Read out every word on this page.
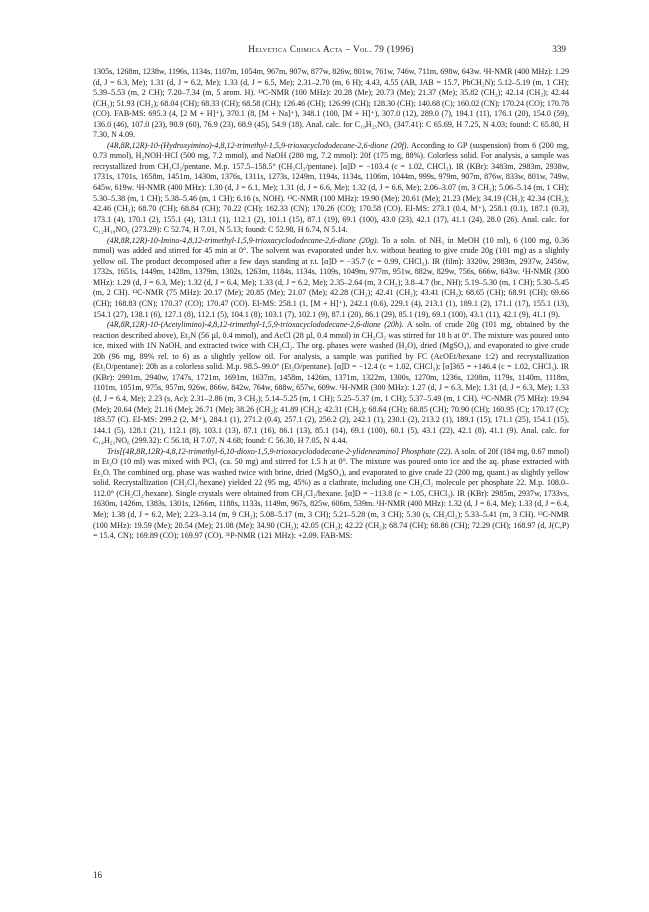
Helvetica Chimica Acta – Vol. 79 (1996)	339

1305s, 1268m, 1238w, 1196s, 1134s, 1107m, 1054m, 967m, 907w, 877w, 826w, 801w, 761w, 746w, 711m, 698w, 643w. ¹H-NMR (400 MHz): 1.29 (d, J = 6.3, Me); 1.31 (d, J = 6.2, Me); 1.33 (d, J = 6.5, Me); 2.31–2.70 (m, 6 H); 4.43, 4.55 (AB, JAB = 15.7, PhCH₂N); 5.12–5.19 (m, 1 CH); 5.39–5.53 (m, 2 CH); 7.20–7.34 (m, 5 arom. H). ¹³C-NMR (100 MHz): 20.28 (Me); 20.73 (Me); 21.37 (Me); 35.82 (CH₂); 42.14 (CH₂); 42.44 (CH₂); 51.93 (CH₂); 68.04 (CH); 68.33 (CH); 68.58 (CH); 126.46 (CH); 126.99 (CH); 128.30 (CH); 140.68 (C); 160.02 (CN); 170.24 (CO); 170.78 (CO). FAB-MS: 695.3 (4, [2 M + H]⁺), 370.1 (8, [M + Na]⁺), 348.1 (100, [M + H]⁺), 307.0 (12), 289.0 (7), 194.1 (11), 176.1 (20), 154.0 (59), 136.0 (46), 107.0 (23), 90.9 (60), 76.9 (23), 68.9 (45), 54.9 (18). Anal. calc. for C₁₉H₂₅NO₅ (347.41): C 65.69, H 7.25, N 4.03; found: C 65.80, H 7.30, N 4.09.

(4R,8R,12R)-10-(Hydroxyimino)-4,8,12-trimethyl-1,5,9-trioxacyclododecane-2,6-dione (20f). According to GP (suspension) from 6 (200 mg, 0.73 mmol), H₂NOH·HCl (500 mg, 7.2 mmol), and NaOH (280 mg, 7.2 mmol): 20f (175 mg, 88%). Colorless solid. For analysis, a sample was recrystallized from CH₂Cl₂/pentane. M.p. 157.5–158.5° (CH₂Cl₂/pentane). [α]D = −103.4 (c = 1.02, CHCl₃). IR (KBr): 3483m, 2983m, 2938w, 1731s, 1701s, 1658m, 1451m, 1430m, 1376s, 1311s, 1273s, 1249m, 1194s, 1134s, 1106m, 1044m, 999s, 979m, 907m, 876w, 833w, 801w, 749w, 645w, 619w. ¹H-NMR (400 MHz): 1.30 (d, J = 6.1, Me); 1.31 (d, J = 6.6, Me); 1.32 (d, J = 6.6, Me); 2.06–3.07 (m, 3 CH₂); 5.06–5.14 (m, 1 CH); 5.30–5.38 (m, 1 CH); 5.38–5.46 (m, 1 CH); 6.16 (s, NOH). ¹³C-NMR (100 MHz): 19.90 (Me); 20.61 (Me); 21.23 (Me); 34.19 (CH₂); 42.34 (CH₂); 42.46 (CH₂); 68.70 (CH); 68.84 (CH); 70.22 (CH); 162.33 (CN); 170.26 (CO); 170.58 (CO). EI-MS: 273.1 (0.4, M⁺), 258.1 (0.1), 187.1 (0.3), 173.1 (4), 170.1 (2), 155.1 (4), 131.1 (1), 112.1 (2), 101.1 (15), 87.1 (19), 69.1 (100), 43.0 (23), 42.1 (17), 41.1 (24), 28.0 (26). Anal. calc. for C₁₂H₁₉NO₆ (273.29): C 52.74, H 7.01, N 5.13; found: C 52.98, H 6.74, N 5.14.

(4R,8R,12R)-10-Imino-4,8,12-trimethyl-1,5,9-trioxacyclododecane-2,6-dione (20g). To a soln. of NH₃ in MeOH (10 ml), 6 (100 mg, 0.36 mmol) was added and stirred for 45 min at 0°. The solvent was evaporated under h.v. without heating to give crude 20g (101 mg) as a slightly yellow oil. The product decomposed after a few days standing at r.t. [α]D = −35.7 (c = 0.99, CHCl₃). IR (film): 3320w, 2983m, 2937w, 2456w, 1732s, 1651s, 1449m, 1428m, 1379m, 1302s, 1263m, 1184s, 1134s, 1109s, 1049m, 977m, 951w, 882w, 829w, 756s, 666w, 643w. ¹H-NMR (300 MHz): 1.29 (d, J = 6.3, Me); 1.32 (d, J = 6.4, Me); 1.33 (d, J = 6.2, Me); 2.35–2.64 (m, 3 CH₂); 3.8–4.7 (br., NH); 5.19–5.30 (m, 1 CH); 5.30–5.45 (m, 2 CH). ¹³C-NMR (75 MHz): 20.17 (Me); 20.85 (Me); 21.07 (Me); 42.28 (CH₂); 42.41 (CH₂); 43.41 (CH₂); 68.65 (CH); 68.91 (CH); 69.66 (CH); 168.83 (CN); 170.37 (CO); 170.47 (CO). EI-MS: 258.1 (1, [M + H]⁺), 242.1 (0.6), 229.1 (4), 213.1 (1), 189.1 (2), 171.1 (17), 155.1 (13), 154.1 (27), 138.1 (6), 127.1 (8), 112.1 (5), 104.1 (8); 103.1 (7), 102.1 (9), 87.1 (20), 86.1 (29), 85.1 (19), 69.1 (100), 43.1 (11), 42.1 (9), 41.1 (9).

(4R,8R,12R)-10-(Acetylimino)-4,8,12-trimethyl-1,5,9-trioxacyclododecane-2,6-dione (20h). A soln. of crude 20g (101 mg, obtained by the reaction described above), Et₃N (56 µl, 0.4 mmol), and AcCl (28 µl, 0.4 mmol) in CH₂Cl₂ was stirred for 18 h at 0°. The mixture was poured onto ice, mixed with 1N NaOH, and extracted twice with CH₂Cl₂. The org. phases were washed (H₂O), dried (MgSO₄), and evaporated to give crude 20h (96 mg, 89% rel. to 6) as a slightly yellow oil. For analysis, a sample was purified by FC (AcOEt/hexane 1:2) and recrystallization (Et₂O/pentane): 20h as a colorless solid. M.p. 98.5–99.0° (Et₂O/pentane). [α]D = −12.4 (c = 1.02, CHCl₃); [α]365 = +146.4 (c = 1.02, CHCl₃). IR (KBr): 2991m, 2940w, 1747s, 1721m, 1691m, 1637m, 1458m, 1426m, 1371m, 1322m, 1300s, 1270m, 1236s, 1208m, 1179s, 1140m, 1118m, 1101m, 1051m, 975s, 957m, 926w, 866w, 842w, 764w, 688w, 657w, 609w. ¹H-NMR (300 MHz): 1.27 (d, J = 6.3, Me); 1.31 (d, J = 6.3, Me); 1.33 (d, J = 6.4, Me); 2.23 (s, Ac); 2.31–2.86 (m, 3 CH₂); 5.14–5.25 (m, 1 CH); 5.25–5.37 (m, 1 CH); 5.37–5.49 (m, 1 CH). ¹³C-NMR (75 MHz): 19.94 (Me); 20.64 (Me); 21.16 (Me); 26.71 (Me); 38.26 (CH₂); 41.89 (CH₂); 42.31 (CH₂); 68.64 (CH); 68.85 (CH); 70.90 (CH); 160.95 (C); 170.17 (C); 183.57 (C). EI-MS: 299.2 (2, M⁺), 284.1 (1), 271.2 (0.4), 257.1 (2), 256.2 (2), 242.1 (1), 230.1 (2), 213.2 (1), 189.1 (15), 171.1 (25), 154.1 (15), 144.1 (5), 128.1 (21), 112.1 (8), 103.1 (13), 87.1 (16), 86.1 (13), 85.1 (14), 69.1 (100), 60.1 (5), 43.1 (22), 42.1 (8), 41.1 (9). Anal. calc. for C₁₄H₂₁NO₆ (299.32): C 56.18, H 7.07, N 4.68; found: C 56.30, H 7.05, N 4.44.

Tris[(4R,8R,12R)-4,8,12-trimethyl-6,10-dioxo-1,5,9-trioxacyclododecane-2-ylideneamino] Phosphate (22). A soln. of 20f (184 mg, 0.67 mmol) in Et₂O (10 ml) was mixed with PCl₅ (ca. 50 mg) and stirred for 1.5 h at 0°. The mixture was poured onto ice and the aq. phase extracted with Et₂O. The combined org. phase was washed twice with brine, dried (MgSO₄), and evaporated to give crude 22 (200 mg, quant.) as slightly yellow solid. Recrystallization (CH₂Cl₂/hexane) yielded 22 (95 mg, 45%) as a clathrate, including one CH₂Cl₂ molecule per phosphate 22. M.p. 108.0–112.0° (CH₂Cl₂/hexane). Single crystals were obtained from CH₂Cl₂/hexane. [α]D = −113.8 (c = 1.05, CHCl₃). IR (KBr): 2985m, 2937w, 1733vs, 1630m, 1426m, 1383s, 1301s, 1266m, 1188s, 1133s, 1149m, 967s, 825w, 606m, 539m. ¹H-NMR (400 MHz): 1.32 (d, J = 6.4, Me); 1.33 (d, J = 6.4, Me); 1.38 (d, J = 6.2, Me); 2.23–3.14 (m, 9 CH₂); 5.08–5.17 (m, 3 CH); 5.21–5.28 (m, 3 CH); 5.30 (s, CH₂Cl₂); 5.33–5.41 (m, 3 CH). ¹³C-NMR (100 MHz): 19.59 (Me); 20.54 (Me); 21.08 (Me); 34.90 (CH₂); 42.05 (CH₂); 42.22 (CH₂); 68.74 (CH); 68.86 (CH); 72.29 (CH); 168.97 (d, J(C,P) = 15.4, CN); 169.89 (CO); 169.97 (CO). ³¹P-NMR (121 MHz): +2.09. FAB-MS:

16
